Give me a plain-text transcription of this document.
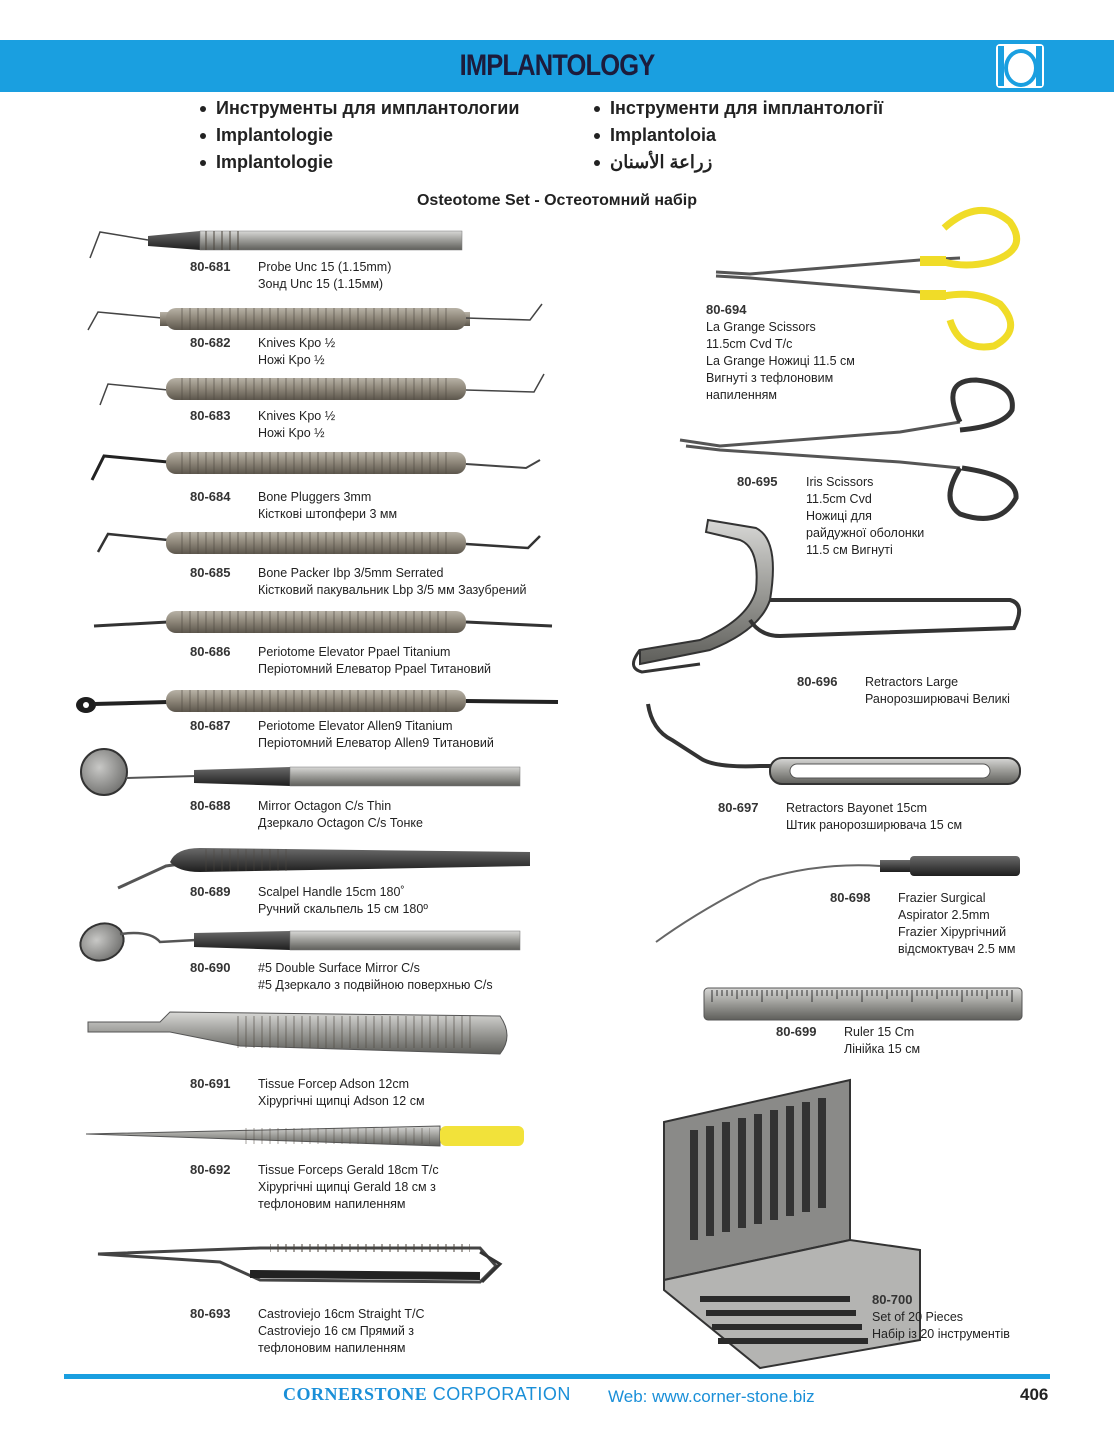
IMPLANTOLOGY
Инструменты для имплантологии
Implantologie
Implantologie
Інструменти для імплантології
Implantoloia
زراعة الأسنان
Osteotome Set - Остеотомний набір
80-681 Probe Unc 15 (1.15mm)
Зонд Unc 15 (1.15мм)
80-682 Knives Kpo ½
Ножі Kpo ½
80-683 Knives Kpo ½
Ножі Kpo ½
80-684 Bone Pluggers 3mm
Кісткові штопфери 3 мм
80-685 Bone Packer Ibp 3/5mm Serrated
Кістковий пакувальник Lbp 3/5 мм Зазубрений
80-686 Periotome Elevator Ppael Titanium
Періотомний Елеватор Ppael Титановий
80-687 Periotome Elevator Allen9 Titanium
Періотомний Елеватор Allen9 Титановий
80-688 Mirror Octagon C/s Thin
Дзеркало Octagon C/s Тонке
80-689 Scalpel Handle 15cm 180˚
Ручний скальпель 15 см 180º
80-690 #5 Double Surface Mirror C/s
#5 Дзеркало з подвійною поверхнью C/s
80-691 Tissue Forcep Adson 12cm
Хірургічні щипці Adson 12 см
80-692 Tissue Forceps Gerald 18cm T/c
Хірургічні щипці Gerald 18 см з
тефлоновим напиленням
80-693 Castroviejo 16cm Straight T/C
Castroviejo 16 см Прямий з
тефлоновим напиленням
80-694
La Grange Scissors
11.5cm Cvd T/c
La Grange Ножиці 11.5 см
Вигнуті з тефлоновим
напиленням
80-695 Iris Scissors
11.5cm Cvd
Ножиці для
райдужної оболонки
11.5 см Вигнуті
80-696 Retractors Large
Ранорозширювачі Великі
80-697 Retractors Bayonet 15cm
Штик ранорозширювача 15 см
80-698 Frazier Surgical
Aspirator 2.5mm
Frazier Хірургічний
відсмоктувач 2.5 мм
80-699 Ruler 15 Cm
Лінійка 15 см
80-700
Set of 20 Pieces
Набір із 20 інструментів
CORNERSTONE CORPORATION Web: www.corner-stone.biz	406
